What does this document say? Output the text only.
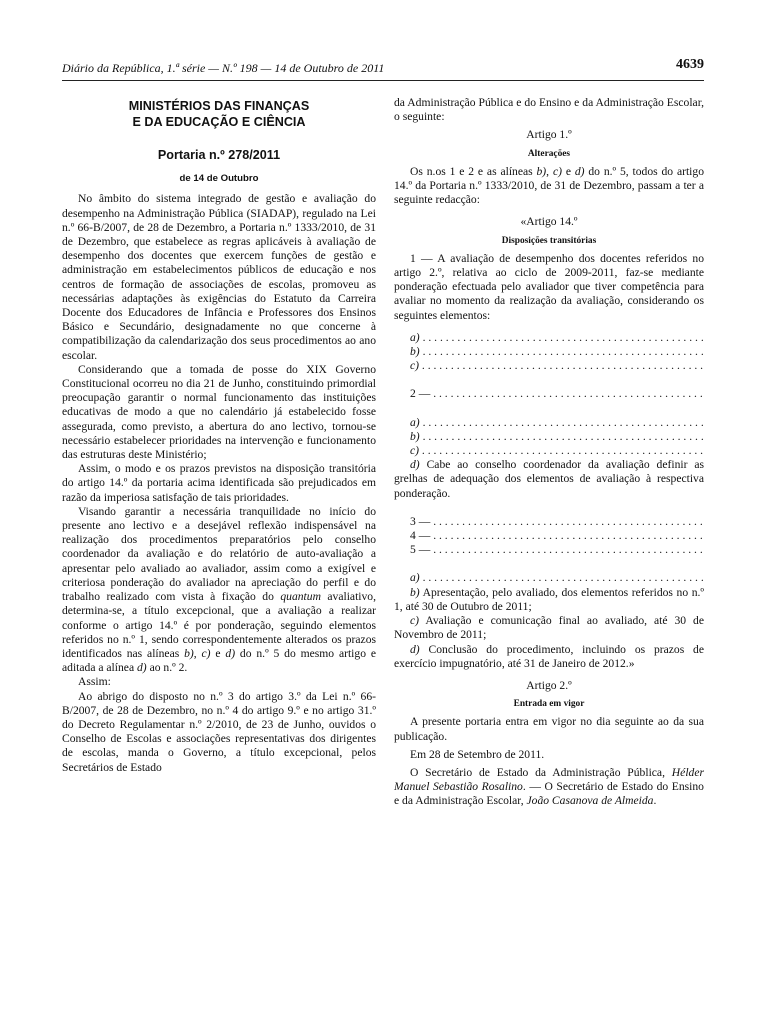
Diário da República, 1.ª série — N.º 198 — 14 de Outubro de 2011	4639
MINISTÉRIOS DAS FINANÇAS
E DA EDUCAÇÃO E CIÊNCIA
Portaria n.º 278/2011
de 14 de Outubro

No âmbito do sistema integrado de gestão e avaliação do desempenho na Administração Pública (SIADAP), regulado na Lei n.º 66-B/2007, de 28 de Dezembro, a Portaria n.º 1333/2010, de 31 de Dezembro, que estabelece as regras aplicáveis à avaliação de desempenho dos docentes que exercem funções de gestão e administração em estabelecimentos públicos de educação e nos centros de formação de associações de escolas, promoveu as necessárias adaptações às exigências do Estatuto da Carreira Docente dos Educadores de Infância e Professores dos Ensinos Básico e Secundário, designadamente no que concerne à compatibilização da calendarização dos seus procedimentos ao ano escolar.

Considerando que a tomada de posse do XIX Governo Constitucional ocorreu no dia 21 de Junho, constituindo primordial preocupação garantir o normal funcionamento das instituições educativas de modo a que no calendário já estabelecido fosse assegurada, como previsto, a abertura do ano lectivo, tornou-se necessário estabelecer prioridades na intervenção e funcionamento das estruturas deste Ministério;

Assim, o modo e os prazos previstos na disposição transitória do artigo 14.º da portaria acima identificada são prejudicados em razão da imperiosa satisfação de tais prioridades.

Visando garantir a necessária tranquilidade no início do presente ano lectivo e a desejável reflexão indispensável na realização dos procedimentos preparatórios pelo conselho coordenador da avaliação e do relatório de auto-avaliação a apresentar pelo avaliado ao avaliador, assim como a exigível e criteriosa ponderação do avaliador na apreciação do perfil e do trabalho realizado com vista à fixação do quantum avaliativo, determina-se, a título excepcional, que a avaliação a realizar conforme o artigo 14.º é por ponderação, seguindo elementos referidos no n.º 1, sendo correspondentemente alterados os prazos identificados nas alíneas b), c) e d) do n.º 5 do mesmo artigo e aditada a alínea d) ao n.º 2.

Assim:

Ao abrigo do disposto no n.º 3 do artigo 3.º da Lei n.º 66-B/2007, de 28 de Dezembro, no n.º 4 do artigo 9.º e no artigo 31.º do Decreto Regulamentar n.º 2/2010, de 23 de Junho, ouvidos o Conselho de Escolas e associações representativas dos dirigentes de escolas, manda o Governo, a título excepcional, pelos Secretários de Estado

da Administração Pública e do Ensino e da Administração Escolar, o seguinte:

Artigo 1.º
Alterações

Os n.os 1 e 2 e as alíneas b), c) e d) do n.º 5, todos do artigo 14.º da Portaria n.º 1333/2010, de 31 de Dezembro, passam a ter a seguinte redacção:

«Artigo 14.º
Disposições transitórias

1 — A avaliação de desempenho dos docentes referidos no artigo 2.º, relativa ao ciclo de 2009-2011, faz-se mediante ponderação efectuada pelo avaliador que tiver competência para avaliar no momento da realização da avaliação, considerando os seguintes elementos:

a) . . .
b) . . .
c) . . .
2 — . . .
a) . . .
b) . . .
c) . . .

d) Cabe ao conselho coordenador da avaliação definir as grelhas de adequação dos elementos de avaliação à respectiva ponderação.

3 — . . .
4 — . . .
5 — . . .
a) . . .

b) Apresentação, pelo avaliado, dos elementos referidos no n.º 1, até 30 de Outubro de 2011;

c) Avaliação e comunicação final ao avaliado, até 30 de Novembro de 2011;

d) Conclusão do procedimento, incluindo os prazos de exercício impugnatório, até 31 de Janeiro de 2012.»

Artigo 2.º
Entrada em vigor

A presente portaria entra em vigor no dia seguinte ao da sua publicação.

Em 28 de Setembro de 2011.

O Secretário de Estado da Administração Pública, Hélder Manuel Sebastião Rosalino. — O Secretário de Estado do Ensino e da Administração Escolar, João Casanova de Almeida.
